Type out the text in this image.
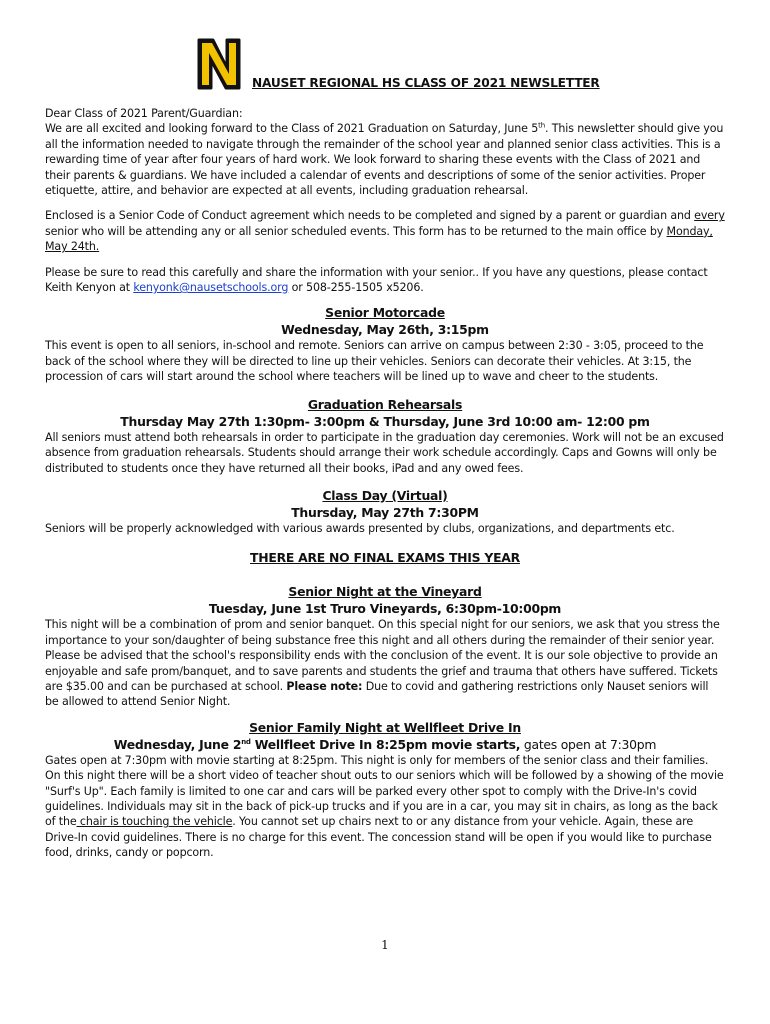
NAUSET REGIONAL HS CLASS OF 2021 NEWSLETTER

Dear Class of 2021 Parent/Guardian:

We are all excited and looking forward to the Class of 2021 Graduation on Saturday, June 5th. This newsletter should give you all the information needed to navigate through the remainder of the school year and planned senior class activities. This is a rewarding time of year after four years of hard work. We look forward to sharing these events with the Class of 2021 and their parents & guardians. We have included a calendar of events and descriptions of some of the senior activities. Proper etiquette, attire, and behavior are expected at all events, including graduation rehearsal.

Enclosed is a Senior Code of Conduct agreement which needs to be completed and signed by a parent or guardian and every senior who will be attending any or all senior scheduled events. This form has to be returned to the main office by Monday, May 24th.

Please be sure to read this carefully and share the information with your senior.. If you have any questions, please contact Keith Kenyon at kenyonk@nausetschools.org or 508-255-1505 x5206.

Senior Motorcade
Wednesday, May 26th, 3:15pm

This event is open to all seniors, in-school and remote. Seniors can arrive on campus between 2:30 - 3:05, proceed to the back of the school where they will be directed to line up their vehicles. Seniors can decorate their vehicles. At 3:15, the procession of cars will start around the school where teachers will be lined up to wave and cheer to the students.

Graduation Rehearsals
Thursday May 27th 1:30pm- 3:00pm & Thursday, June 3rd 10:00 am- 12:00 pm

All seniors must attend both rehearsals in order to participate in the graduation day ceremonies. Work will not be an excused absence from graduation rehearsals. Students should arrange their work schedule accordingly. Caps and Gowns will only be distributed to students once they have returned all their books, iPad and any owed fees.

Class Day (Virtual)
Thursday, May 27th 7:30PM

Seniors will be properly acknowledged with various awards presented by clubs, organizations, and departments etc.

THERE ARE NO FINAL EXAMS THIS YEAR
Senior Night at the Vineyard
Tuesday, June 1st Truro Vineyards, 6:30pm-10:00pm

This night will be a combination of prom and senior banquet. On this special night for our seniors, we ask that you stress the importance to your son/daughter of being substance free this night and all others during the remainder of their senior year. Please be advised that the school's responsibility ends with the conclusion of the event. It is our sole objective to provide an enjoyable and safe prom/banquet, and to save parents and students the grief and trauma that others have suffered. Tickets are $35.00 and can be purchased at school. Please note: Due to covid and gathering restrictions only Nauset seniors will be allowed to attend Senior Night.

Senior Family Night at Wellfleet Drive In
Wednesday, June 2nd Wellfleet Drive In 8:25pm movie starts, gates open at 7:30pm

Gates open at 7:30pm with movie starting at 8:25pm. This night is only for members of the senior class and their families. On this night there will be a short video of teacher shout outs to our seniors which will be followed by a showing of the movie "Surf's Up". Each family is limited to one car and cars will be parked every other spot to comply with the Drive-In's covid guidelines. Individuals may sit in the back of pick-up trucks and if you are in a car, you may sit in chairs, as long as the back of the chair is touching the vehicle. You cannot set up chairs next to or any distance from your vehicle. Again, these are Drive-In covid guidelines. There is no charge for this event. The concession stand will be open if you would like to purchase food, drinks, candy or popcorn.

1
